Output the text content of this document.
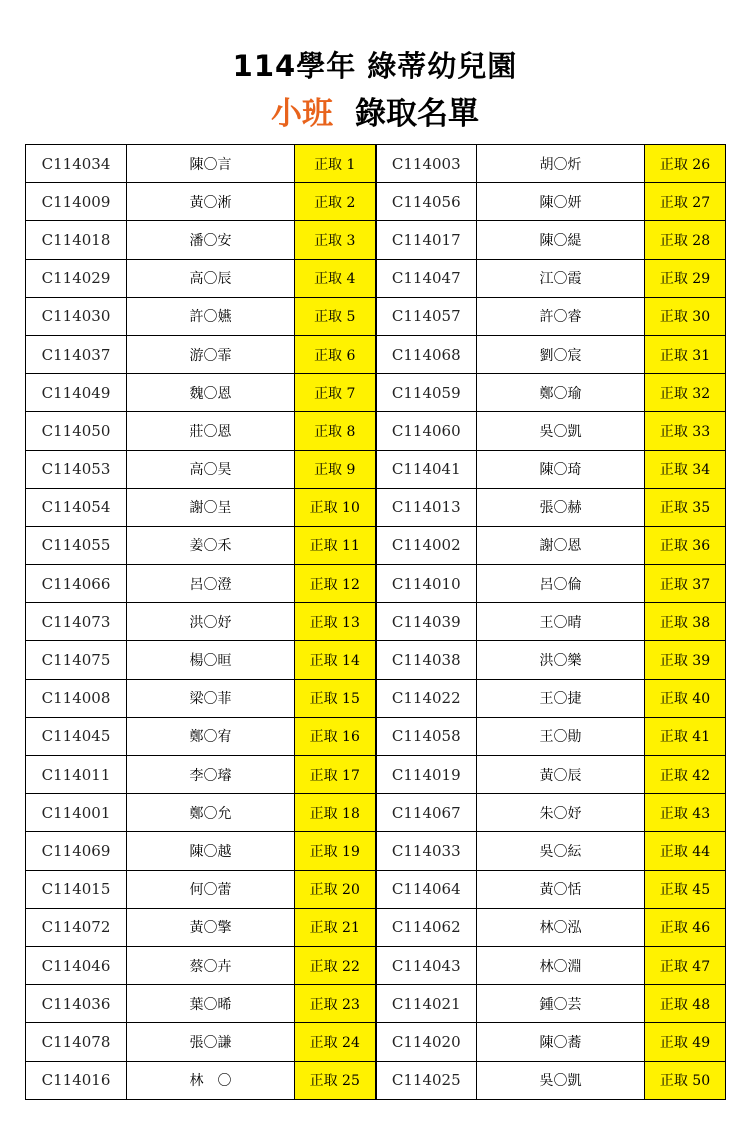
114學年 綠蒂幼兒園
小班 錄取名單
C114034	陳〇言	正取 1	C114003	胡〇炘	正取 26
C114009	黃〇淅	正取 2	C114056	陳〇妍	正取 27
C114018	潘〇安	正取 3	C114017	陳〇緹	正取 28
C114029	高〇辰	正取 4	C114047	江〇霞	正取 29
C114030	許〇嬿	正取 5	C114057	許〇睿	正取 30
C114037	游〇霏	正取 6	C114068	劉〇宸	正取 31
C114049	魏〇恩	正取 7	C114059	鄭〇瑜	正取 32
C114050	莊〇恩	正取 8	C114060	吳〇凱	正取 33
C114053	高〇昊	正取 9	C114041	陳〇琦	正取 34
C114054	謝〇呈	正取 10	C114013	張〇赫	正取 35
C114055	姜〇禾	正取 11	C114002	謝〇恩	正取 36
C114066	呂〇澄	正取 12	C114010	呂〇倫	正取 37
C114073	洪〇妤	正取 13	C114039	王〇晴	正取 38
C114075	楊〇晅	正取 14	C114038	洪〇樂	正取 39
C114008	梁〇菲	正取 15	C114022	王〇捷	正取 40
C114045	鄭〇宥	正取 16	C114058	王〇勛	正取 41
C114011	李〇璿	正取 17	C114019	黃〇辰	正取 42
C114001	鄭〇允	正取 18	C114067	朱〇妤	正取 43
C114069	陳〇越	正取 19	C114033	吳〇紜	正取 44
C114015	何〇蕾	正取 20	C114064	黃〇恬	正取 45
C114072	黃〇擎	正取 21	C114062	林〇泓	正取 46
C114046	蔡〇卉	正取 22	C114043	林〇淵	正取 47
C114036	葉〇晞	正取 23	C114021	鍾〇芸	正取 48
C114078	張〇謙	正取 24	C114020	陳〇蕎	正取 49
C114016	林　〇	正取 25	C114025	吳〇凱	正取 50
